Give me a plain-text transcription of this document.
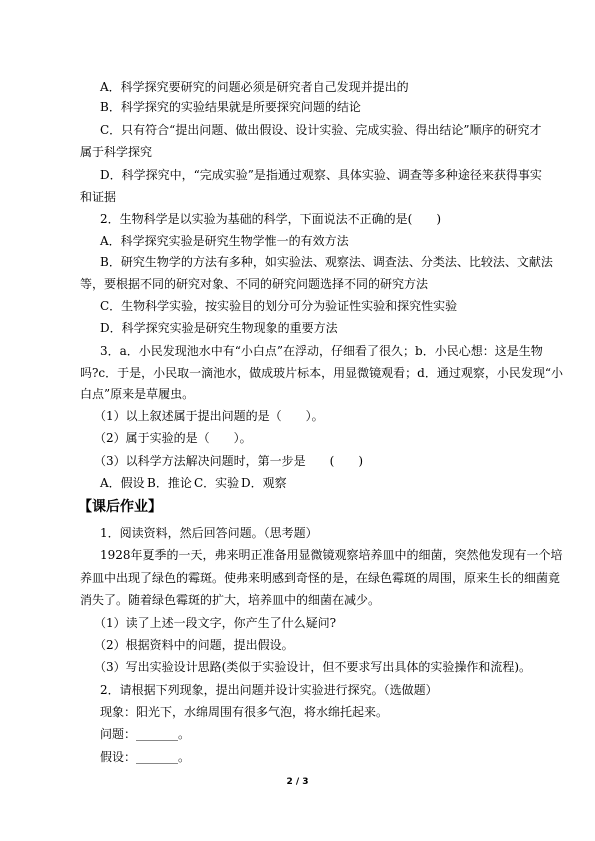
A．科学探究要研究的问题必须是研究者自己发现并提出的
B．科学探究的实验结果就是所要探究问题的结论
C．只有符合“提出问题、做出假设、设计实验、完成实验、得出结论”顺序的研究才
属于科学探究
D．科学探究中，“完成实验”是指通过观察、具体实验、调查等多种途径来获得事实
和证据
2．生物科学是以实验为基础的科学，下面说法不正确的是(　　)
A．科学探究实验是研究生物学惟一的有效方法
B．研究生物学的方法有多种，如实验法、观察法、调查法、分类法、比较法、文献法
等，要根据不同的研究对象、不同的研究问题选择不同的研究方法
C．生物科学实验，按实验目的划分可分为验证性实验和探究性实验
D．科学探究实验是研究生物现象的重要方法
3．a．小民发现池水中有“小白点”在浮动，仔细看了很久；b．小民心想：这是生物
吗?c．于是，小民取一滴池水，做成玻片标本，用显微镜观看；d．通过观察，小民发现“小
白点”原来是草履虫。
（1）以上叙述属于提出问题的是（　　）。
（2）属于实验的是（　　）。
（3）以科学方法解决问题时，第一步是　　(　　)
A．假设 B．推论 C．实验 D．观察
【课后作业】
1．阅读资料，然后回答问题。（思考题）
1928年夏季的一天，弗来明正准备用显微镜观察培养皿中的细菌，突然他发现有一个培
养皿中出现了绿色的霉斑。使弗来明感到奇怪的是，在绿色霉斑的周围，原来生长的细菌竟
消失了。随着绿色霉斑的扩大，培养皿中的细菌在减少。
（1）读了上述一段文字，你产生了什么疑问?
（2）根据资料中的问题，提出假设。
（3）写出实验设计思路(类似于实验设计，但不要求写出具体的实验操作和流程)。
2．请根据下列现象，提出问题并设计实验进行探究。（选做题）
现象：阳光下，水绵周围有很多气泡，将水绵托起来。
问题：_______。
假设：_______。
2 / 3
